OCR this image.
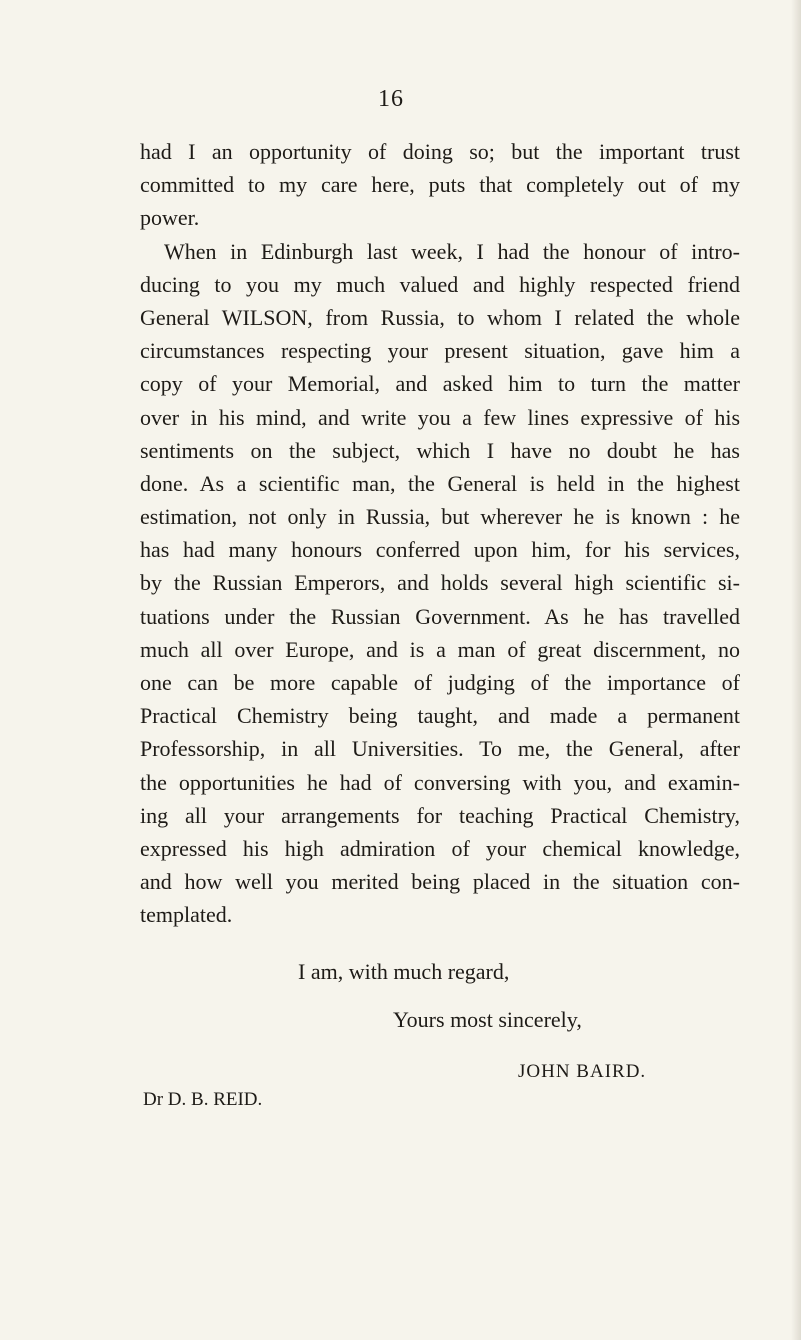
16
had I an opportunity of doing so; but the important trust
committed to my care here, puts that completely out of my
power.
When in Edinburgh last week, I had the honour of intro-
ducing to you my much valued and highly respected friend
General WILSON, from Russia, to whom I related the whole
circumstances respecting your present situation, gave him a
copy of your Memorial, and asked him to turn the matter
over in his mind, and write you a few lines expressive of his
sentiments on the subject, which I have no doubt he has
done. As a scientific man, the General is held in the highest
estimation, not only in Russia, but wherever he is known : he
has had many honours conferred upon him, for his services,
by the Russian Emperors, and holds several high scientific si-
tuations under the Russian Government. As he has travelled
much all over Europe, and is a man of great discernment, no
one can be more capable of judging of the importance of
Practical Chemistry being taught, and made a permanent
Professorship, in all Universities. To me, the General, after
the opportunities he had of conversing with you, and examin-
ing all your arrangements for teaching Practical Chemistry,
expressed his high admiration of your chemical knowledge,
and how well you merited being placed in the situation con-
templated.
I am, with much regard,
Yours most sincerely,
JOHN BAIRD.
Dr D. B. REID.
